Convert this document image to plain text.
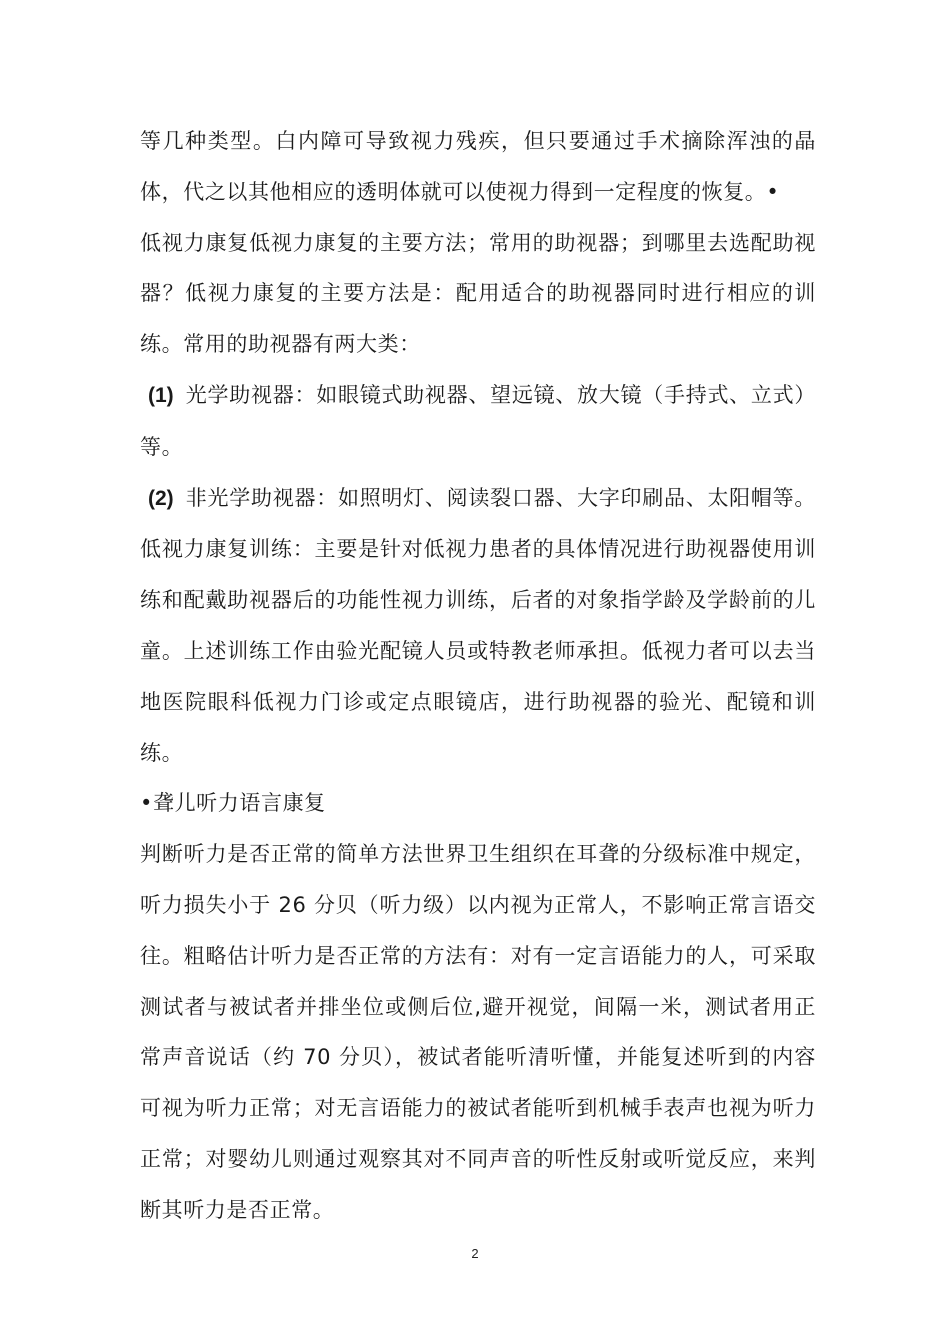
等几种类型。白内障可导致视力残疾，但只要通过手术摘除浑浊的晶体，代之以其他相应的透明体就可以使视力得到一定程度的恢复。•

低视力康复低视力康复的主要方法；常用的助视器；到哪里去选配助视器？低视力康复的主要方法是：配用适合的助视器同时进行相应的训练。常用的助视器有两大类：

(1) 光学助视器：如眼镜式助视器、望远镜、放大镜（手持式、立式）等。

(2) 非光学助视器：如照明灯、阅读裂口器、大字印刷品、太阳帽等。低视力康复训练：主要是针对低视力患者的具体情况进行助视器使用训练和配戴助视器后的功能性视力训练，后者的对象指学龄及学龄前的儿童。上述训练工作由验光配镜人员或特教老师承担。低视力者可以去当地医院眼科低视力门诊或定点眼镜店，进行助视器的验光、配镜和训练。

•聋儿听力语言康复

判断听力是否正常的简单方法世界卫生组织在耳聋的分级标准中规定，听力损失小于 26 分贝（听力级）以内视为正常人，不影响正常言语交往。粗略估计听力是否正常的方法有：对有一定言语能力的人，可采取测试者与被试者并排坐位或侧后位,避开视觉，间隔一米，测试者用正常声音说话（约 70 分贝），被试者能听清听懂，并能复述听到的内容可视为听力正常；对无言语能力的被试者能听到机械手表声也视为听力正常；对婴幼儿则通过观察其对不同声音的听性反射或听觉反应，来判断其听力是否正常。

2
